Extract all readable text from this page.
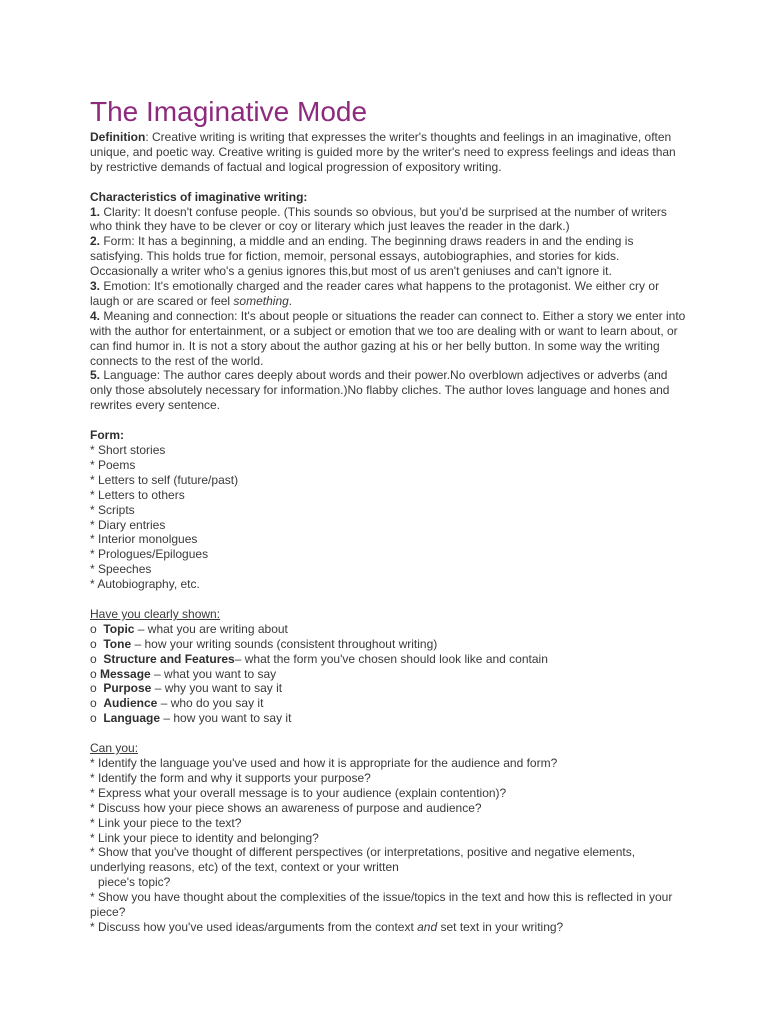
The Imaginative Mode

Definition: Creative writing is writing that expresses the writer's thoughts and feelings in an imaginative, often unique, and poetic way. Creative writing is guided more by the writer's need to express feelings and ideas than by restrictive demands of factual and logical progression of expository writing.

Characteristics of imaginative writing:

1. Clarity: It doesn't confuse people. (This sounds so obvious, but you'd be surprised at the number of writers who think they have to be clever or coy or literary which just leaves the reader in the dark.)

2. Form: It has a beginning, a middle and an ending. The beginning draws readers in and the ending is satisfying. This holds true for fiction, memoir, personal essays, autobiographies, and stories for kids. Occasionally a writer who's a genius ignores this,but most of us aren't geniuses and can't ignore it.

3. Emotion: It's emotionally charged and the reader cares what happens to the protagonist. We either cry or laugh or are scared or feel something.

4. Meaning and connection: It's about people or situations the reader can connect to. Either a story we enter into with the author for entertainment, or a subject or emotion that we too are dealing with or want to learn about, or can find humor in. It is not a story about the author gazing at his or her belly button. In some way the writing connects to the rest of the world.

5. Language: The author cares deeply about words and their power.No overblown adjectives or adverbs (and only those absolutely necessary for information.)No flabby cliches. The author loves language and hones and rewrites every sentence.

Form:

* Short stories

* Poems

* Letters to self (future/past)

* Letters to others

* Scripts

* Diary entries

* Interior monolgues

* Prologues/Epilogues

* Speeches

* Autobiography, etc.

Have you clearly shown:

o  Topic – what you are writing about

o  Tone – how your writing sounds (consistent throughout writing)

o  Structure and Features– what the form you've chosen should look like and contain

o Message – what you want to say

o  Purpose – why you want to say it

o  Audience – who do you say it

o  Language – how you want to say it

Can you:

* Identify the language you've used and how it is appropriate for the audience and form?

* Identify the form and why it supports your purpose?

* Express what your overall message is to your audience (explain contention)?

* Discuss how your piece shows an awareness of purpose and audience?

* Link your piece to the text?

* Link your piece to identity and belonging?

* Show that you've thought of different perspectives (or interpretations, positive and negative elements, underlying reasons, etc) of the text, context or your written

piece's topic?

* Show you have thought about the complexities of the issue/topics in the text and how this is reflected in your piece?

* Discuss how you've used ideas/arguments from the context and set text in your writing?
